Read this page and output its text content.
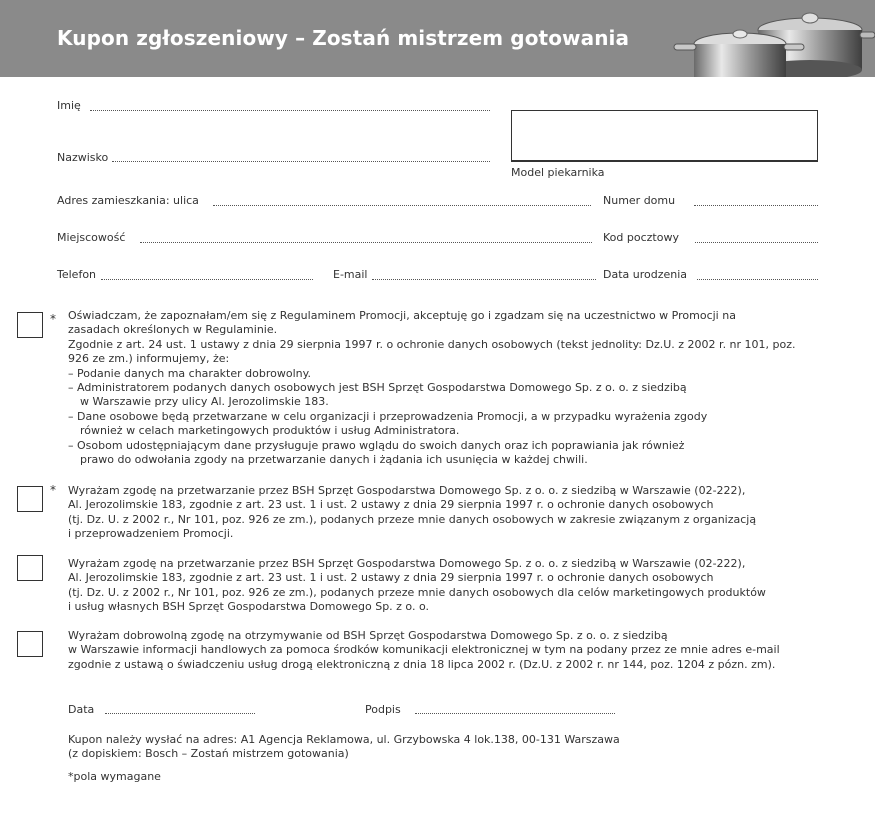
Kupon zgłoszeniowy – Zostań mistrzem gotowania
Imię
Nazwisko
Model piekarnika
Adres zamieszkania: ulica	Numer domu
Miejscowość	Kod pocztowy
Telefon	E-mail	Data urodzenia
* Oświadczam, że zapoznałam/em się z Regulaminem Promocji, akceptuję go i zgadzam się na uczestnictwo w Promocji na
zasadach określonych w Regulaminie.
Zgodnie z art. 24 ust. 1 ustawy z dnia 29 sierpnia 1997 r. o ochronie danych osobowych (tekst jednolity: Dz.U. z 2002 r. nr 101, poz.
926 ze zm.) informujemy, że:
– Podanie danych ma charakter dobrowolny.
– Administratorem podanych danych osobowych jest BSH Sprzęt Gospodarstwa Domowego Sp. z o. o. z siedzibą
w Warszawie przy ulicy Al. Jerozolimskie 183.
– Dane osobowe będą przetwarzane w celu organizacji i przeprowadzenia Promocji, a w przypadku wyrażenia zgody
również w celach marketingowych produktów i usług Administratora.
– Osobom udostępniającym dane przysługuje prawo wglądu do swoich danych oraz ich poprawiania jak również
prawo do odwołania zgody na przetwarzanie danych i żądania ich usunięcia w każdej chwili.
* Wyrażam zgodę na przetwarzanie przez BSH Sprzęt Gospodarstwa Domowego Sp. z o. o. z siedzibą w Warszawie (02-222),
Al. Jerozolimskie 183, zgodnie z art. 23 ust. 1 i ust. 2 ustawy z dnia 29 sierpnia 1997 r. o ochronie danych osobowych
(tj. Dz. U. z 2002 r., Nr 101, poz. 926 ze zm.), podanych przeze mnie danych osobowych w zakresie związanym z organizacją
i przeprowadzeniem Promocji.
Wyrażam zgodę na przetwarzanie przez BSH Sprzęt Gospodarstwa Domowego Sp. z o. o. z siedzibą w Warszawie (02-222),
Al. Jerozolimskie 183, zgodnie z art. 23 ust. 1 i ust. 2 ustawy z dnia 29 sierpnia 1997 r. o ochronie danych osobowych
(tj. Dz. U. z 2002 r., Nr 101, poz. 926 ze zm.), podanych przeze mnie danych osobowych dla celów marketingowych produktów
i usług własnych BSH Sprzęt Gospodarstwa Domowego Sp. z o. o.
Wyrażam dobrowolną zgodę na otrzymywanie od BSH Sprzęt Gospodarstwa Domowego Sp. z o. o. z siedzibą
w Warszawie informacji handlowych za pomoca środków komunikacji elektronicznej w tym na podany przez ze mnie adres e-mail
zgodnie z ustawą o świadczeniu usług drogą elektroniczną z dnia 18 lipca 2002 r. (Dz.U. z 2002 r. nr 144, poz. 1204 z pózn. zm).
Data	Podpis
Kupon należy wysłać na adres: A1 Agencja Reklamowa, ul. Grzybowska 4 lok.138, 00-131 Warszawa
(z dopiskiem: Bosch – Zostań mistrzem gotowania)
*pola wymagane
